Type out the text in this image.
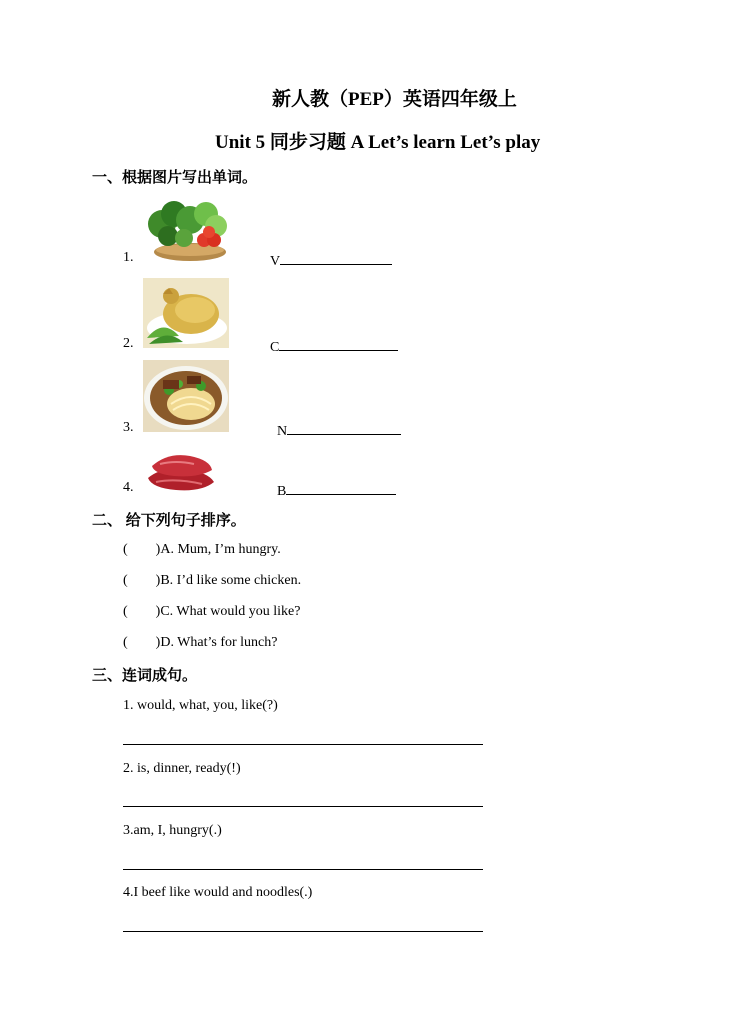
新人教（PEP）英语四年级上
Unit 5 同步习题 A Let’s learn Let’s play
一、根据图片写出单词。
1.	V
2.	C
3.	N
4.	B
二、 给下列句子排序。
(        )A. Mum, I’m hungry.
(        )B. I’d like some chicken.
(        )C. What would you like?
(        )D. What’s for lunch?
三、连词成句。
1. would, what, you, like(?)
2. is, dinner, ready(!)
3.am, I, hungry(.)
4.I beef like would and noodles(.)
